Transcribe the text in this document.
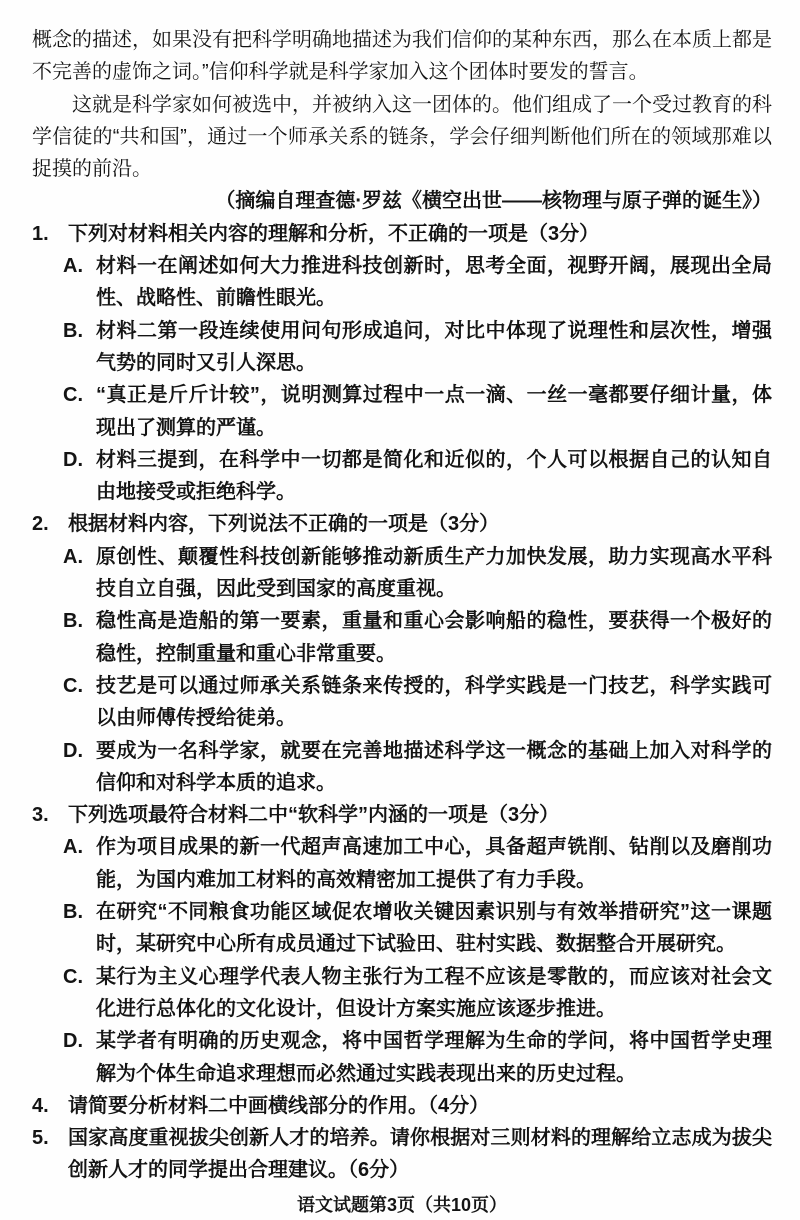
概念的描述，如果没有把科学明确地描述为我们信仰的某种东西，那么在本质上都是不完善的虚饰之词。”信仰科学就是科学家加入这个团体时要发的誓言。

这就是科学家如何被选中，并被纳入这一团体的。他们组成了一个受过教育的科学信徒的“共和国”，通过一个师承关系的链条，学会仔细判断他们所在的领域那难以捉摸的前沿。

（摘编自理查德·罗兹《横空出世——核物理与原子弹的诞生》）

1. 下列对材料相关内容的理解和分析，不正确的一项是（3分）
A. 材料一在阐述如何大力推进科技创新时，思考全面，视野开阔，展现出全局性、战略性、前瞻性眼光。
B. 材料二第一段连续使用问句形成追问，对比中体现了说理性和层次性，增强气势的同时又引人深思。
C. “真正是斤斤计较”，说明测算过程中一点一滴、一丝一毫都要仔细计量，体现出了测算的严谨。
D. 材料三提到，在科学中一切都是简化和近似的，个人可以根据自己的认知自由地接受或拒绝科学。
2. 根据材料内容，下列说法不正确的一项是（3分）
A. 原创性、颠覆性科技创新能够推动新质生产力加快发展，助力实现高水平科技自立自强，因此受到国家的高度重视。
B. 稳性高是造船的第一要素，重量和重心会影响船的稳性，要获得一个极好的稳性，控制重量和重心非常重要。
C. 技艺是可以通过师承关系链条来传授的，科学实践是一门技艺，科学实践可以由师傅传授给徒弟。
D. 要成为一名科学家，就要在完善地描述科学这一概念的基础上加入对科学的信仰和对科学本质的追求。
3. 下列选项最符合材料二中“软科学”内涵的一项是（3分）
A. 作为项目成果的新一代超声高速加工中心，具备超声铣削、钻削以及磨削功能，为国内难加工材料的高效精密加工提供了有力手段。
B. 在研究“不同粮食功能区域促农增收关键因素识别与有效举措研究”这一课题时，某研究中心所有成员通过下试验田、驻村实践、数据整合开展研究。
C. 某行为主义心理学代表人物主张行为工程不应该是零散的，而应该对社会文化进行总体化的文化设计，但设计方案实施应该逐步推进。
D. 某学者有明确的历史观念，将中国哲学理解为生命的学问，将中国哲学史理解为个体生命追求理想而必然通过实践表现出来的历史过程。
4. 请简要分析材料二中画横线部分的作用。（4分）
5. 国家高度重视拔尖创新人才的培养。请你根据对三则材料的理解给立志成为拔尖创新人才的同学提出合理建议。（6分）
语文试题第3页（共10页）
